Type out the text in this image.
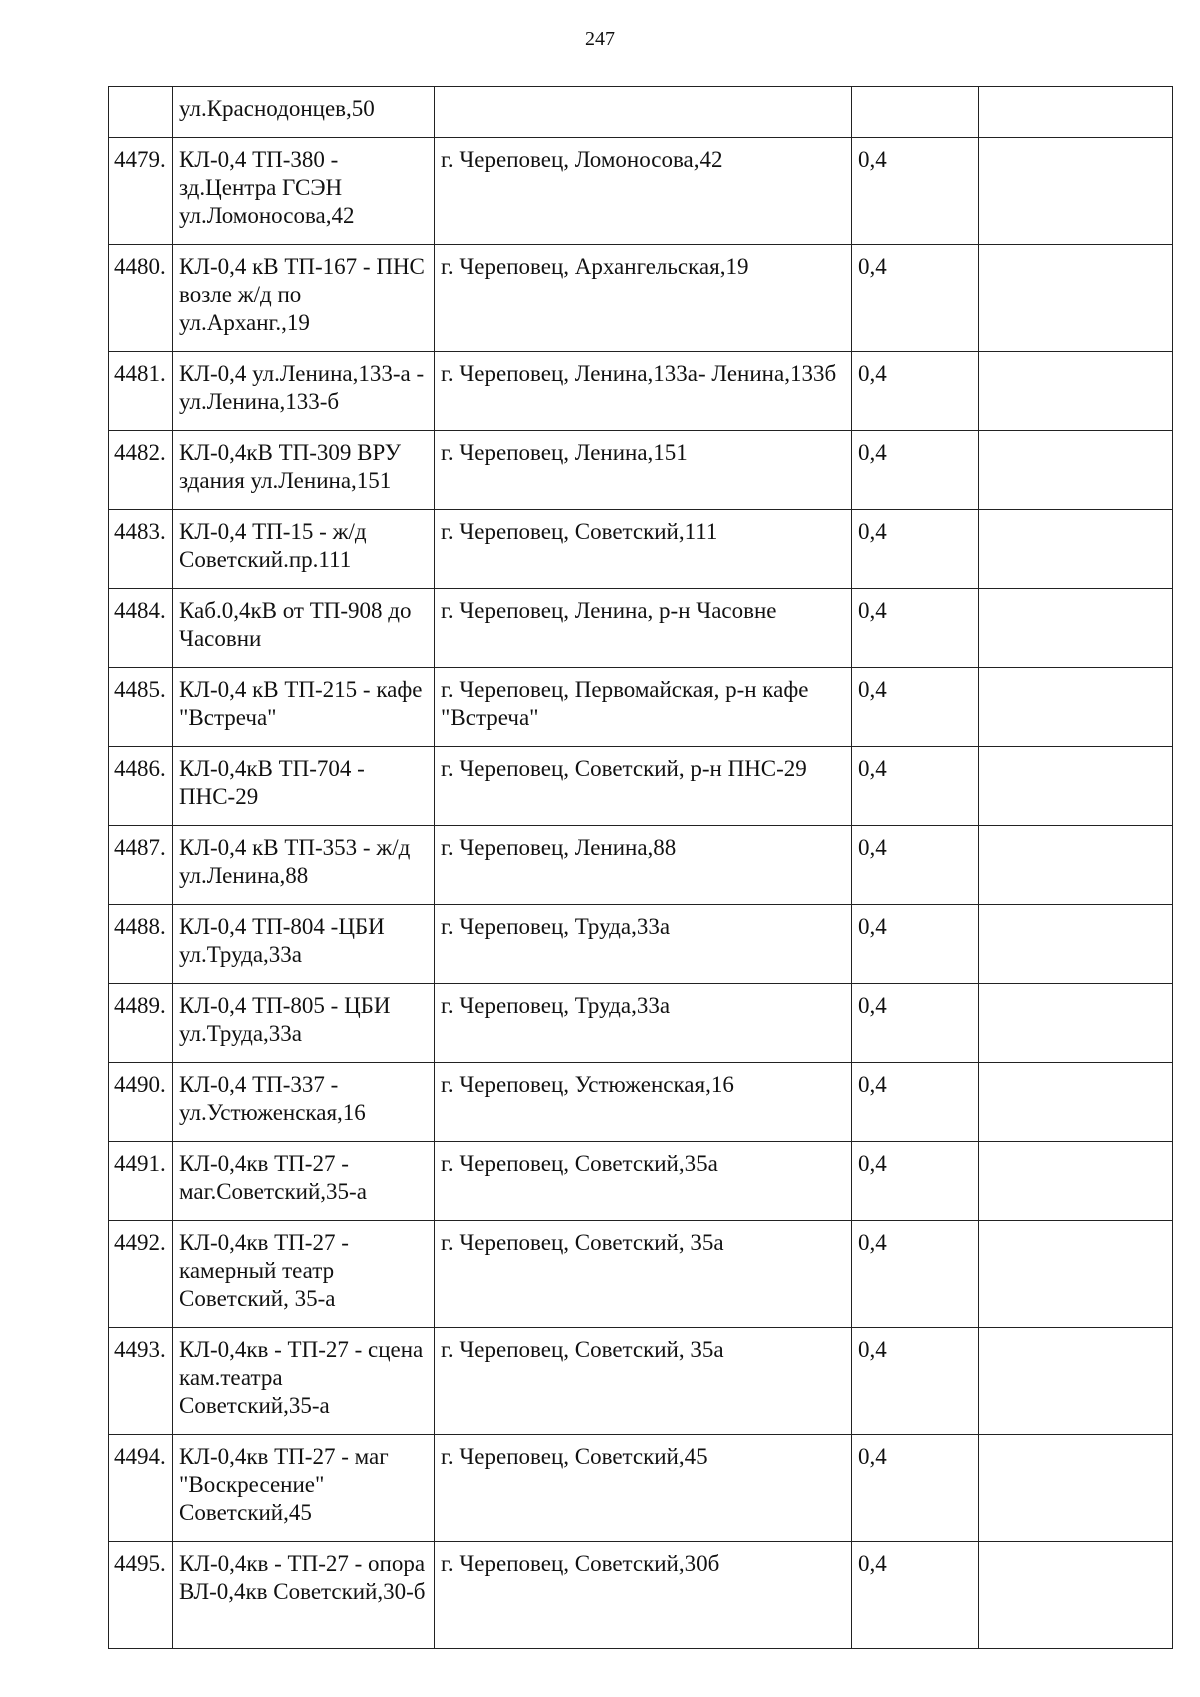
247
	ул.Краснодонцев,50			
4479.	КЛ-0,4 ТП-380 - зд.Центра ГСЭН ул.Ломоносова,42	г. Череповец, Ломоносова,42	0,4	
4480.	КЛ-0,4 кВ ТП-167 - ПНС возле ж/д по ул.Арханг.,19	г. Череповец, Архангельская,19	0,4	
4481.	КЛ-0,4 ул.Ленина,133-а - ул.Ленина,133-б	г. Череповец, Ленина,133а- Ленина,133б	0,4	
4482.	КЛ-0,4кВ ТП-309 ВРУ здания ул.Ленина,151	г. Череповец, Ленина,151	0,4	
4483.	КЛ-0,4 ТП-15 - ж/д Советский.пр.111	г. Череповец, Советский,111	0,4	
4484.	Каб.0,4кВ от ТП-908 до Часовни	г. Череповец, Ленина, р-н Часовне	0,4	
4485.	КЛ-0,4 кВ ТП-215 - кафе "Встреча"	г. Череповец, Первомайская, р-н кафе "Встреча"	0,4	
4486.	КЛ-0,4кВ ТП-704 - ПНС-29	г. Череповец, Советский, р-н ПНС-29	0,4	
4487.	КЛ-0,4 кВ ТП-353 - ж/д ул.Ленина,88	г. Череповец, Ленина,88	0,4	
4488.	КЛ-0,4 ТП-804 -ЦБИ ул.Труда,33а	г. Череповец, Труда,33а	0,4	
4489.	КЛ-0,4 ТП-805 - ЦБИ ул.Труда,33а	г. Череповец, Труда,33а	0,4	
4490.	КЛ-0,4 ТП-337 - ул.Устюженская,16	г. Череповец, Устюженская,16	0,4	
4491.	КЛ-0,4кв ТП-27 - маг.Советский,35-а	г. Череповец, Советский,35а	0,4	
4492.	КЛ-0,4кв ТП-27 - камерный театр Советский, 35-а	г. Череповец, Советский, 35а	0,4	
4493.	КЛ-0,4кв - ТП-27 - сцена кам.театра Советский,35-а	г. Череповец, Советский, 35а	0,4	
4494.	КЛ-0,4кв ТП-27 - маг "Воскресение" Советский,45	г. Череповец, Советский,45	0,4	
4495.	КЛ-0,4кв - ТП-27 - опора ВЛ-0,4кв Советский,30-б	г. Череповец, Советский,30б	0,4	
